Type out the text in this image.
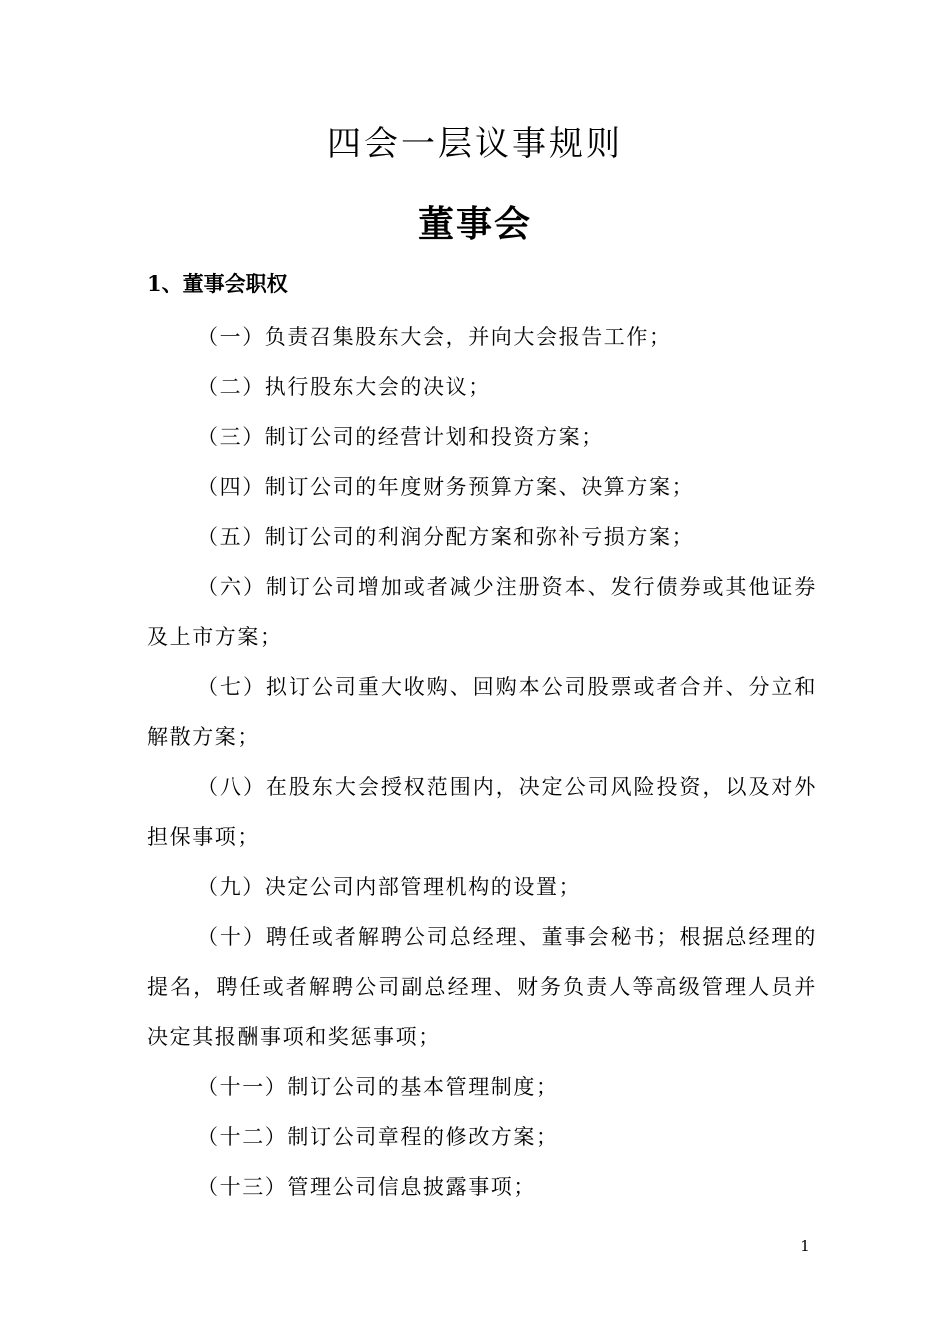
四会一层议事规则
董事会
1、董事会职权

（一）负责召集股东大会，并向大会报告工作；

（二）执行股东大会的决议；

（三）制订公司的经营计划和投资方案；

（四）制订公司的年度财务预算方案、决算方案；

（五）制订公司的利润分配方案和弥补亏损方案；

（六）制订公司增加或者减少注册资本、发行债券或其他证券及上市方案；

（七）拟订公司重大收购、回购本公司股票或者合并、分立和解散方案；

（八）在股东大会授权范围内，决定公司风险投资，以及对外担保事项；

（九）决定公司内部管理机构的设置；

（十）聘任或者解聘公司总经理、董事会秘书；根据总经理的提名，聘任或者解聘公司副总经理、财务负责人等高级管理人员并决定其报酬事项和奖惩事项；

（十一）制订公司的基本管理制度；

（十二）制订公司章程的修改方案；

（十三）管理公司信息披露事项；

1
